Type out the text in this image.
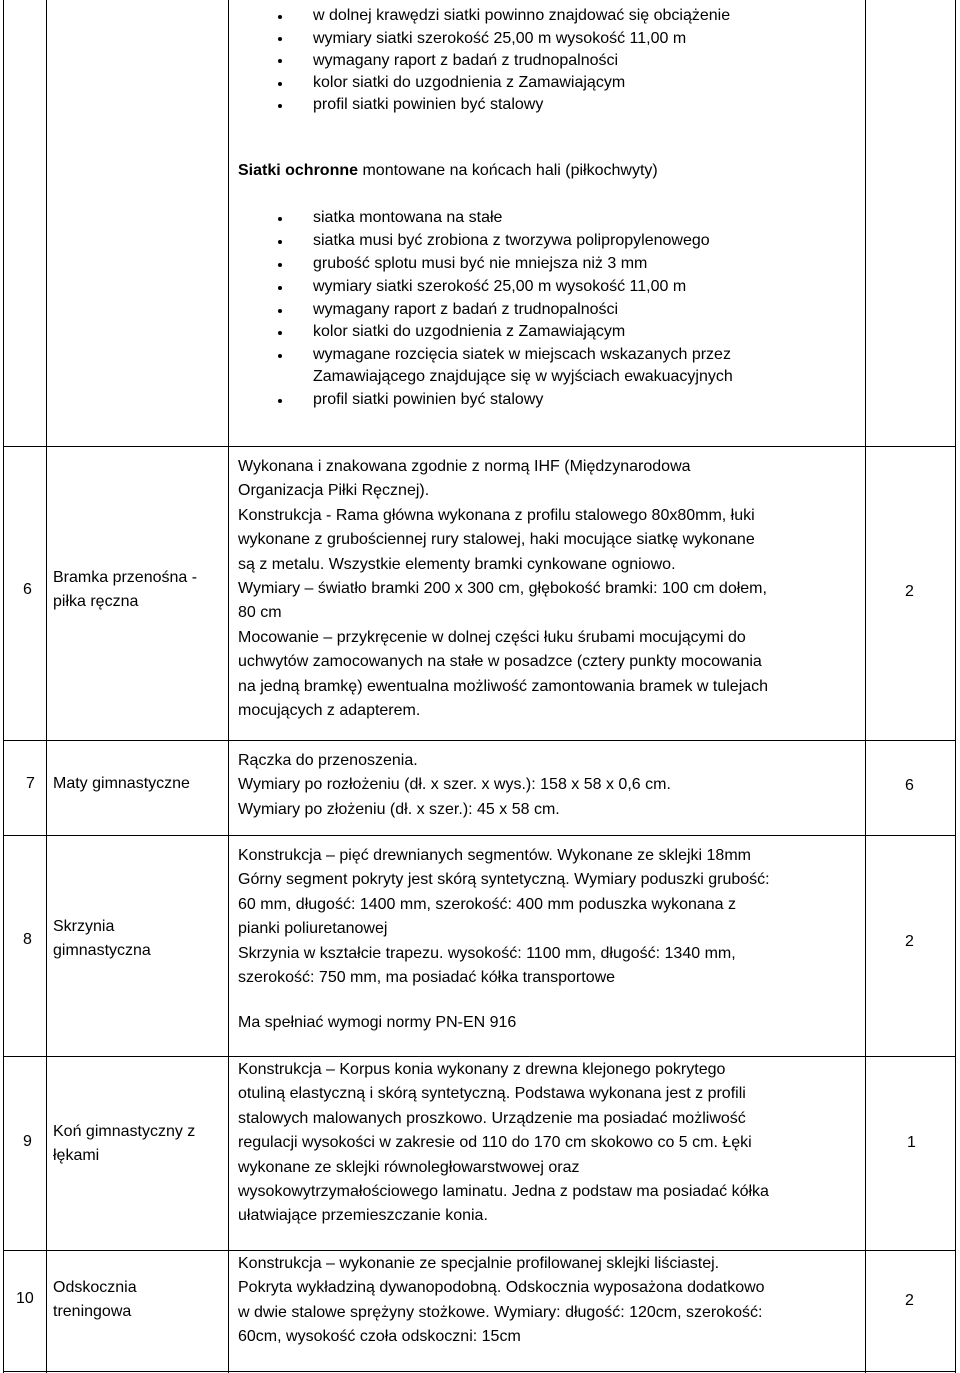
w dolnej krawędzi siatki powinno znajdować się obciążenie
wymiary siatki szerokość 25,00 m wysokość 11,00 m
wymagany raport z badań z trudnopalności
kolor siatki do uzgodnienia z Zamawiającym
profil siatki powinien być stalowy
Siatki ochronne montowane na końcach hali (piłkochwyty)
siatka montowana na stałe
siatka musi być zrobiona z tworzywa polipropylenowego
grubość splotu musi być nie mniejsza niż 3 mm
wymiary siatki szerokość 25,00 m wysokość 11,00 m
wymagany raport z badań z trudnopalności
kolor siatki do uzgodnienia z Zamawiającym
wymagane rozcięcia siatek w miejscach wskazanych przez
Zamawiającego znajdujące się w wyjściach ewakuacyjnych
profil siatki powinien być stalowy
6
Bramka przenośna -
piłka ręczna
Wykonana i znakowana zgodnie z normą IHF (Międzynarodowa
Organizacja Piłki Ręcznej).
Konstrukcja - Rama główna wykonana z profilu stalowego 80x80mm, łuki
wykonane z grubościennej rury stalowej, haki mocujące siatkę wykonane
są z metalu. Wszystkie elementy bramki cynkowane ogniowo.
Wymiary – światło bramki 200 x 300 cm, głębokość bramki: 100 cm dołem,
80 cm
Mocowanie – przykręcenie w dolnej części łuku śrubami mocującymi do
uchwytów zamocowanych na stałe w posadzce (cztery punkty mocowania
na jedną bramkę) ewentualna możliwość zamontowania bramek w tulejach
mocujących z adapterem.
2
7 Maty gimnastyczne
Rączka do przenoszenia.
Wymiary po rozłożeniu (dł. x szer. x wys.): 158 x 58 x 0,6 cm.
Wymiary po złożeniu (dł. x szer.): 45 x 58 cm.
6
8
Skrzynia
gimnastyczna
Konstrukcja – pięć drewnianych segmentów. Wykonane ze sklejki 18mm
Górny segment pokryty jest skórą syntetyczną. Wymiary poduszki grubość:
60 mm, długość: 1400 mm, szerokość: 400 mm poduszka wykonana z
pianki poliuretanowej
Skrzynia w kształcie trapezu. wysokość: 1100 mm, długość: 1340 mm,
szerokość: 750 mm, ma posiadać kółka transportowe
Ma spełniać wymogi normy PN-EN 916
2
9
Koń gimnastyczny z
łękami
Konstrukcja – Korpus konia wykonany z drewna klejonego pokrytego
otuliną elastyczną i skórą syntetyczną. Podstawa wykonana jest z profili
stalowych malowanych proszkowo. Urządzenie ma posiadać możliwość
regulacji wysokości w zakresie od 110 do 170 cm skokowo co 5 cm. Łęki
wykonane ze sklejki równoległowarstwowej oraz
wysokowytrzymałościowego laminatu. Jedna z podstaw ma posiadać kółka
ułatwiające przemieszczanie konia.
1
10
Odskocznia
treningowa
Konstrukcja – wykonanie ze specjalnie profilowanej sklejki liściastej.
Pokryta wykładziną dywanopodobną. Odskocznia wyposażona dodatkowo
w dwie stalowe sprężyny stożkowe. Wymiary: długość: 120cm, szerokość:
60cm, wysokość czoła odskoczni: 15cm
2
